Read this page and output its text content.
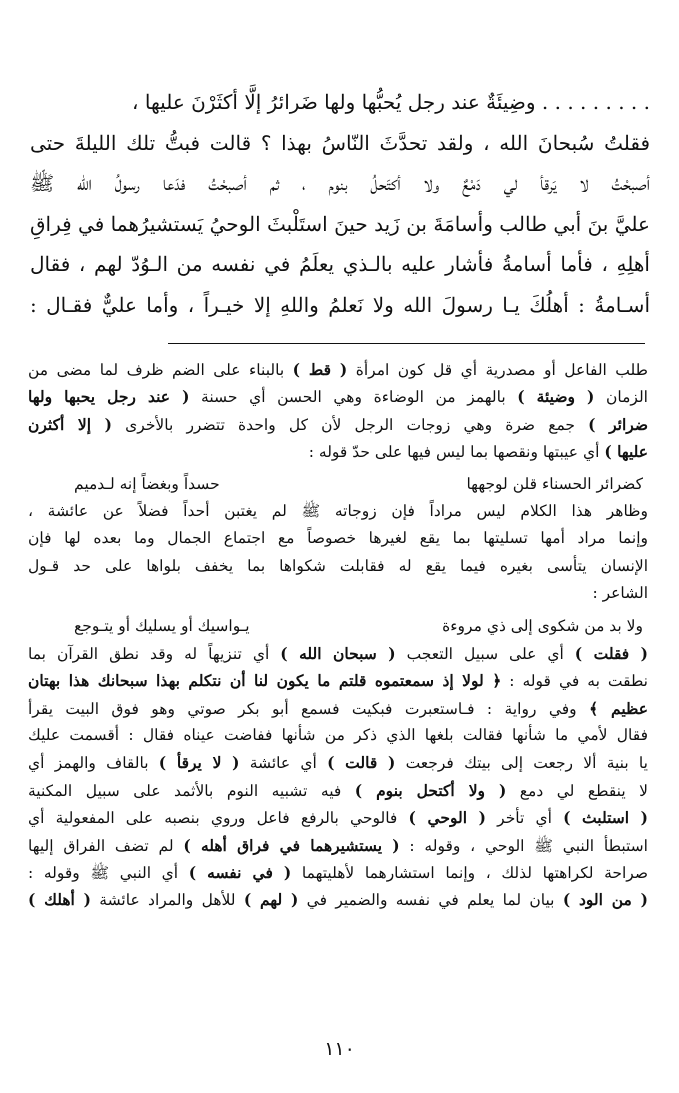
. . . . . . . . . وضِيئَةٌ عند رجل يُحبُّها ولها ضَرائرُ إلَّا أكثَرْنَ عليها ،
فقلتُ سُبحانَ الله ، ولقد تحدَّثَ النّاسُ بهذا ؟ قالت فبتُّ تلك الليلةَ حتى
أصبحْتُ لا يَرقأ لي دَمْعٌ ولا أكتَحلُ بنوم ، ثم أصبحْتُ فدَعا رسولُ الله ﷺ
عليَّ بنَ أبي طالب وأسامَةَ بن زَيد حينَ استَلْبثَ الوحيُ يَستشيرُهما في فِراقِ
أهلِهِ ، فأما أسامةُ فأشار عليه بالـذي يعلَمُ في نفسه من الـوُدّ لهم ، فقال
أسـامةُ : أهلُكَ يـا رسولَ الله ولا نَعلمُ واللهِ إلا خيـراً ، وأما عليٌّ فقـال :
طلب الفاعل أو مصدرية أي قل كون امرأة ( قط ) بالبناء على الضم ظرف لما مضى من
الزمان ( وضيئة ) بالهمز من الوضاءة وهي الحسن أي حسنة ( عند رجل يحبها ولها
ضرائر ) جمع ضرة وهي زوجات الرجل لأن كل واحدة تتضرر بالأخرى ( إلا أكثرن
عليها ) أي عيبتها ونقصها بما ليس فيها على حدّ قوله :
كضرائر الحسناء قلن لوجهها
حسداً وبغضاً إنه لـدميم
وظاهر هذا الكلام ليس مراداً فإن زوجاته ﷺ لم يغتبن أحداً فضلاً عن عائشة ،
وإنما مراد أمها تسليتها بما يقع لغيرها خصوصاً مع اجتماع الجمال وما بعده لها فإن
الإنسان يتأسى بغيره فيما يقع له فقابلت شكواها بما يخفف بلواها على حد قـول
الشاعر :
ولا بد من شكوى إلى ذي مروءة
يـواسيك أو يسليك أو يتـوجع
( فقلت ) أي على سبيل التعجب ( سبحان الله ) أي تنزيهاً له وقد نطق القرآن بما
نطقت به في قوله : ﴿ لولا إذ سمعتموه قلتم ما يكون لنا أن نتكلم بهذا سبحانك هذا بهتان
عظيم ﴾ وفي رواية : فـاستعبرت فبكيت فسمع أبو بكر صوتي وهو فوق البيت يقرأ
فقال لأمي ما شأنها فقالت بلغها الذي ذكر من شأنها ففاضت عيناه فقال : أقسمت عليك
يا بنية ألا رجعت إلى بيتك فرجعت ( قالت ) أي عائشة ( لا يرقأ ) بالقاف والهمز أي
لا ينقطع لي دمع ( ولا أكتحل بنوم ) فيه تشبيه النوم بالأثمد على سبيل المكنية
( استلبث ) أي تأخر ( الوحي ) فالوحي بالرفع فاعل وروي بنصبه على المفعولية أي
استبطأ النبي ﷺ الوحي ، وقوله : ( يستشيرهما في فراق أهله ) لم تضف الفراق إليها
صراحة لكراهتها لذلك ، وإنما استشارهما لأهليتهما ( في نفسه ) أي النبي ﷺ وقوله :
( من الود ) بيان لما يعلم في نفسه والضمير في ( لهم ) للأهل والمراد عائشة ( أهلك )
١١٠
